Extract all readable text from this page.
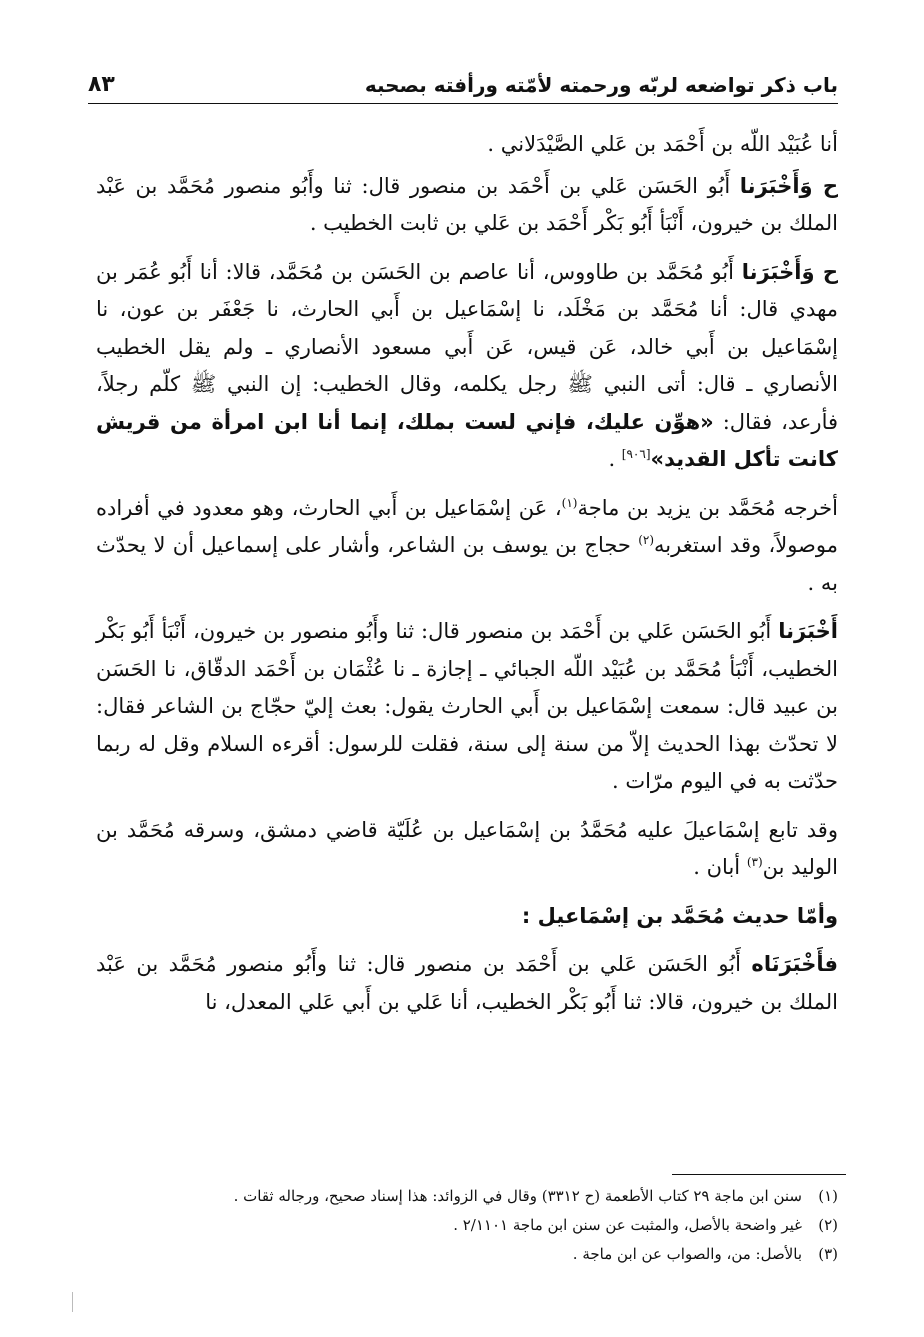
باب ذكر تواضعه لربّه ورحمته لأمّته ورأفته بصحبه
٨٣

أنا عُبَيْد اللّه بن أَحْمَد بن عَلي الصَّيْدَلاني .

ح وَأَخْبَرَنا أَبُو الحَسَن عَلي بن أَحْمَد بن منصور قال: ثنا وأَبُو منصور مُحَمَّد بن عَبْد الملك بن خيرون، أَنْبَأ أَبُو بَكْر أَحْمَد بن عَلي بن ثابت الخطيب .

ح وَأَخْبَرَنا أَبُو مُحَمَّد بن طاووس، أنا عاصم بن الحَسَن بن مُحَمَّد، قالا: أنا أَبُو عُمَر بن مهدي قال: أنا مُحَمَّد بن مَخْلَد، نا إسْمَاعيل بن أَبي الحارث، نا جَعْفَر بن عون، نا إسْمَاعيل بن أَبي خالد، عَن قيس، عَن أَبي مسعود الأنصاري ـ ولم يقل الخطيب الأنصاري ـ قال: أتى النبي ﷺ رجل يكلمه، وقال الخطيب: إن النبي ﷺ كلّم رجلاً، فأرعد، فقال: «هوِّن عليك، فإني لست بملك، إنما أنا ابن امرأة من قريش كانت تأكل القديد»[٩٠٦] .

أخرجه مُحَمَّد بن يزيد بن ماجة$^{(١)}$، عَن إسْمَاعيل بن أَبي الحارث، وهو معدود في أفراده موصولاً، وقد استغربه$^{(٢)}$ حجاج بن يوسف بن الشاعر، وأشار على إسماعيل أن لا يحدّث به .

أَخْبَرَنا أَبُو الحَسَن عَلي بن أَحْمَد بن منصور قال: ثنا وأَبُو منصور بن خيرون، أَنْبَأ أَبُو بَكْر الخطيب، أَنْبَأ مُحَمَّد بن عُبَيْد اللّه الجبائي ـ إجازة ـ نا عُثْمَان بن أَحْمَد الدقّاق، نا الحَسَن بن عبيد قال: سمعت إسْمَاعيل بن أَبي الحارث يقول: بعث إليّ حجّاج بن الشاعر فقال: لا تحدّث بهذا الحديث إلاّ من سنة إلى سنة، فقلت للرسول: أقرءه السلام وقل له ربما حدّثت به في اليوم مرّات .

وقد تابع إسْمَاعيلَ عليه مُحَمَّدُ بن إسْمَاعيل بن عُلَيّة قاضي دمشق، وسرقه مُحَمَّد بن الوليد بن$^{(٣)}$ أبان .

وأمّا حديث مُحَمَّد بن إسْمَاعيل :

فأَخْبَرَنَاه أَبُو الحَسَن عَلي بن أَحْمَد بن منصور قال: ثنا وأَبُو منصور مُحَمَّد بن عَبْد الملك بن خيرون، قالا: ثنا أَبُو بَكْر الخطيب، أنا عَلي بن أَبي عَلي المعدل، نا

(١)
سنن ابن ماجة ٢٩ كتاب الأطعمة (ح ٣٣١٢) وقال في الزوائد: هذا إسناد صحيح، ورجاله ثقات .
(٢)
غير واضحة بالأصل، والمثبت عن سنن ابن ماجة ٢/١١٠١ .
(٣)
بالأصل: من، والصواب عن ابن ماجة .
